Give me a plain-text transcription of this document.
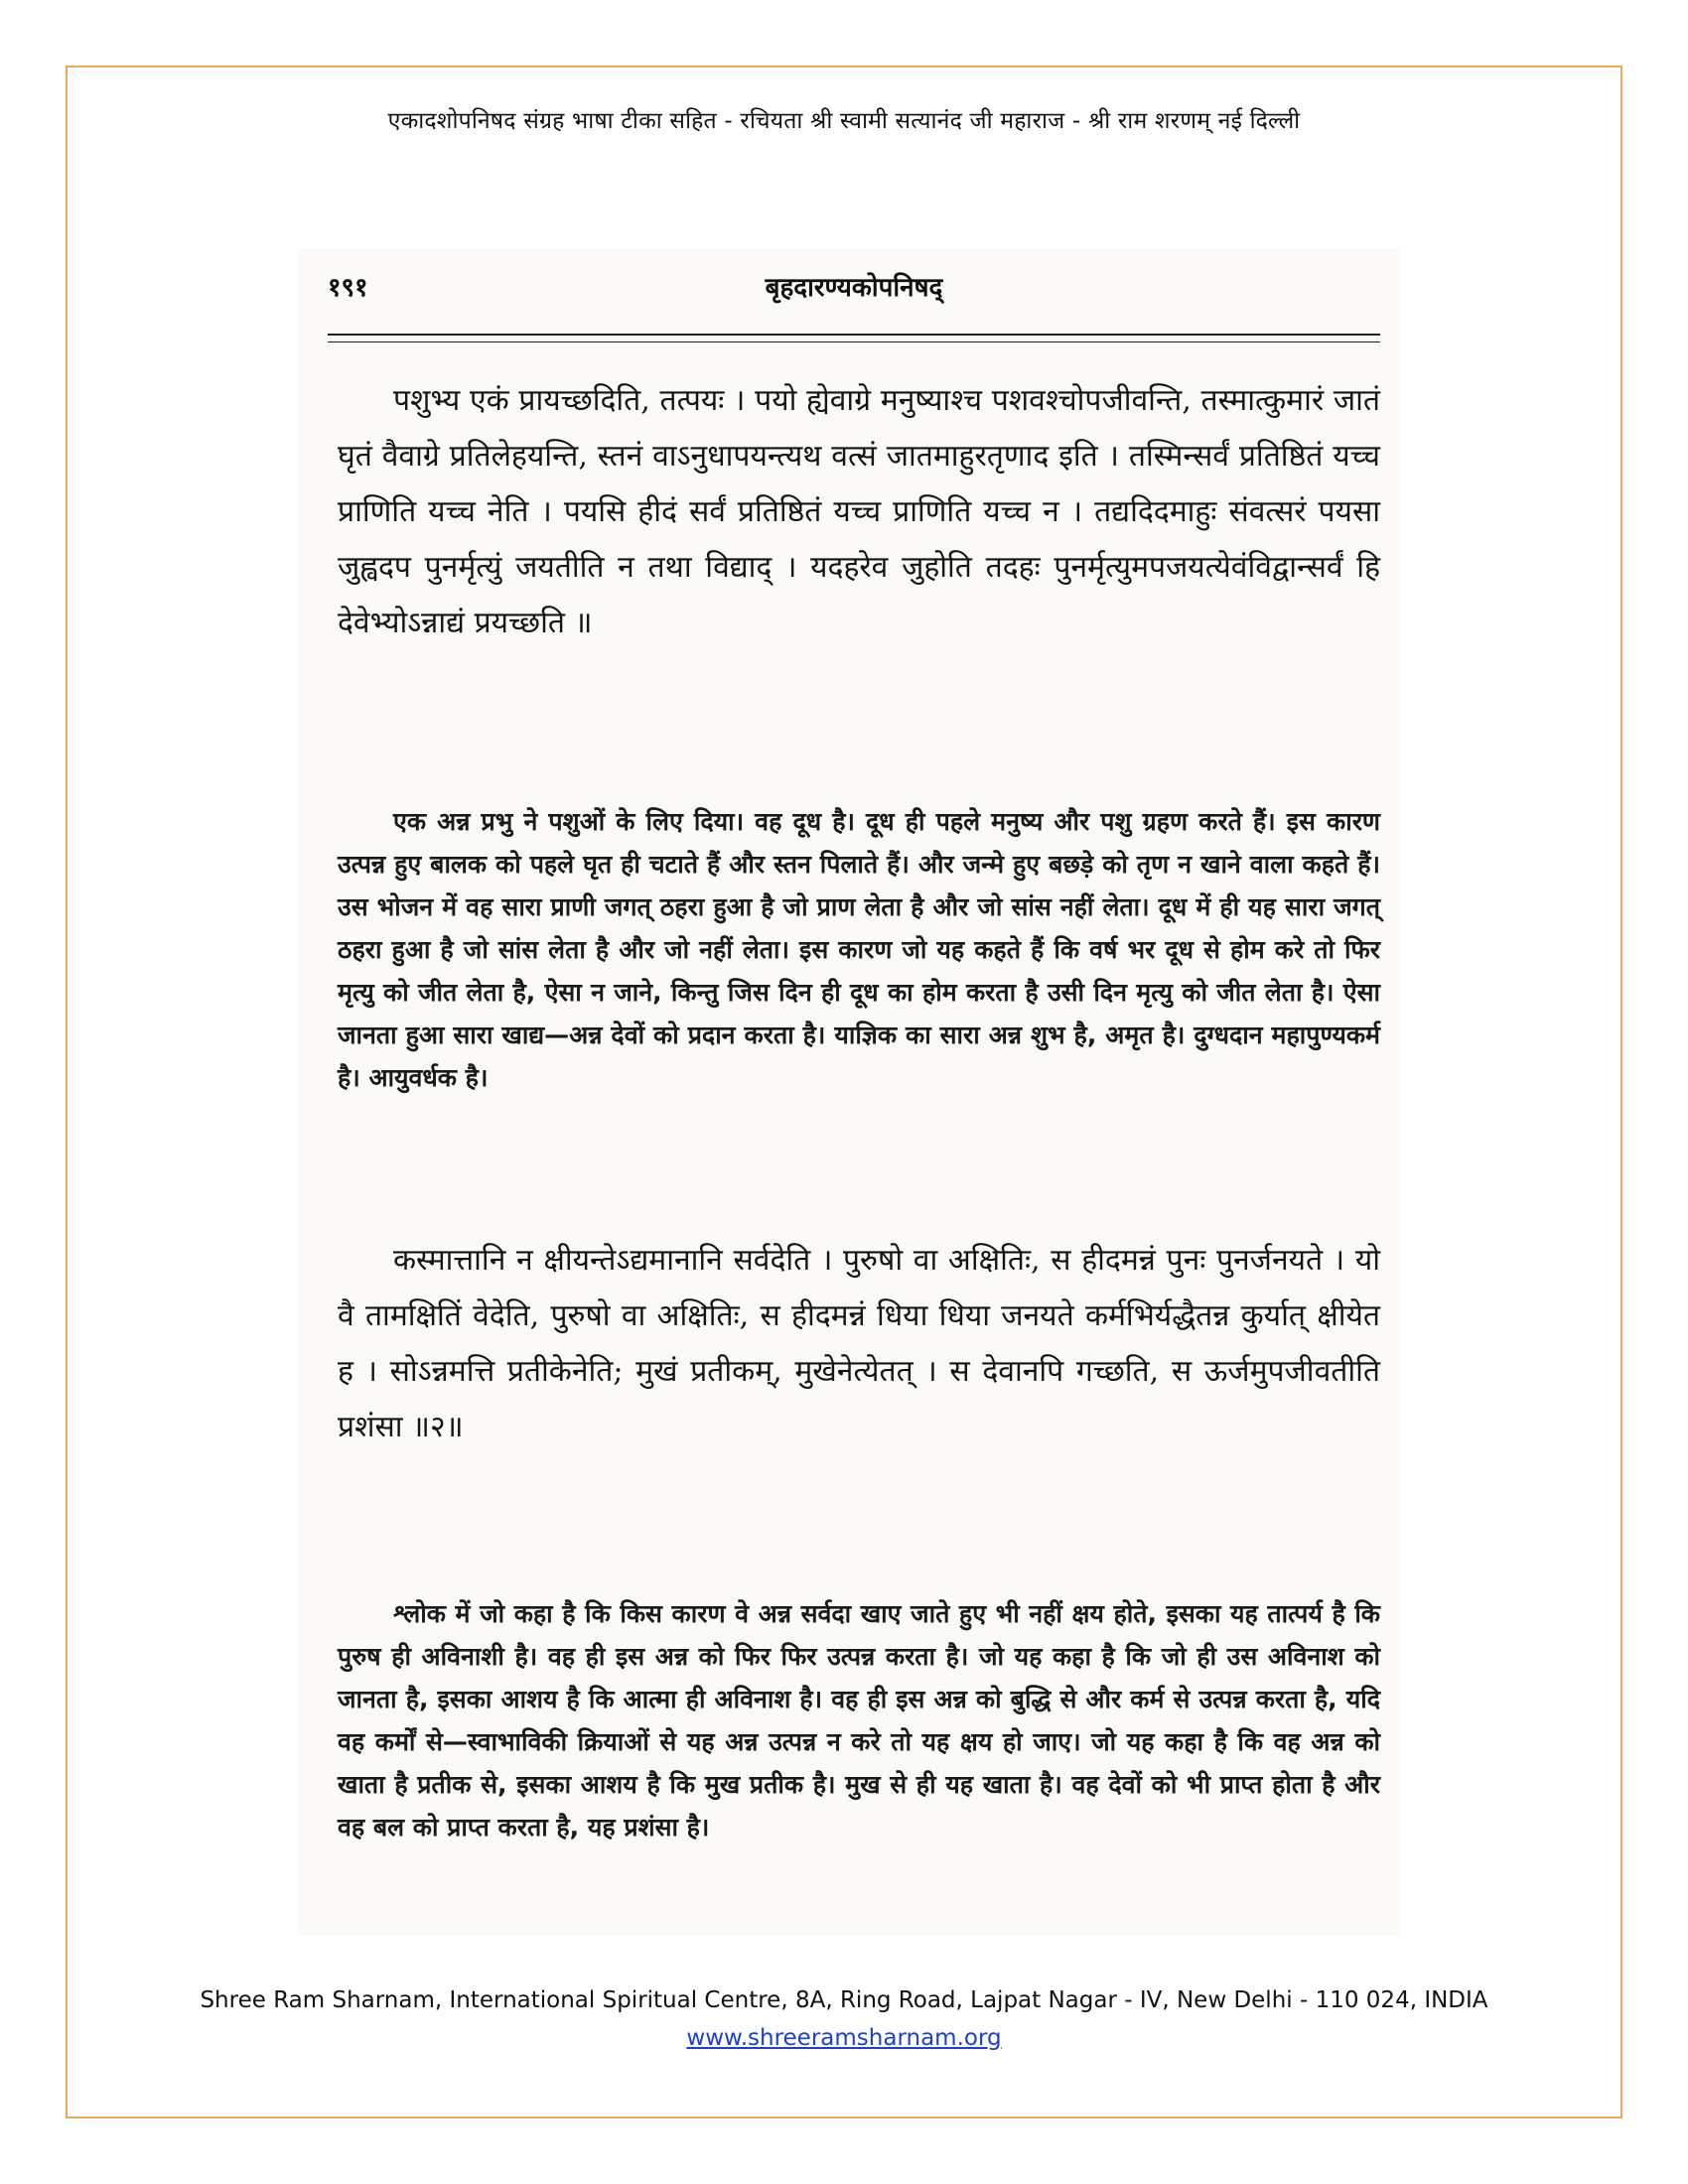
एकादशोपनिषद संग्रह भाषा टीका सहित - रचियता श्री स्वामी सत्यानंद जी महाराज - श्री राम शरणम् नई दिल्ली
१९१	बृहदारण्यकोपनिषद्
पशुभ्य एकं प्रायच्छदिति, तत्पयः । पयो ह्येवाग्रे मनुष्याश्च पशवश्चोपजीवन्ति, तस्मात्कुमारं जातं घृतं वैवाग्रे प्रतिलेहयन्ति, स्तनं वाऽनुधापयन्त्यथ वत्सं जातमाहुरतृणाद इति । तस्मिन्सर्वं प्रतिष्ठितं यच्च प्राणिति यच्च नेति । पयसि हीदं सर्वं प्रतिष्ठितं यच्च प्राणिति यच्च न । तद्यदिदमाहुः संवत्सरं पयसा जुह्वदप पुनर्मृत्युं जयतीति न तथा विद्याद् । यदहरेव जुहोति तदहः पुनर्मृत्युमपजयत्येवंविद्वान्सर्वं हि देवेभ्योऽन्नाद्यं प्रयच्छति ॥
एक अन्न प्रभु ने पशुओं के लिए दिया। वह दूध है। दूध ही पहले मनुष्य और पशु ग्रहण करते हैं। इस कारण उत्पन्न हुए बालक को पहले घृत ही चटाते हैं और स्तन पिलाते हैं। और जन्मे हुए बछड़े को तृण न खाने वाला कहते हैं। उस भोजन में वह सारा प्राणी जगत् ठहरा हुआ है जो प्राण लेता है और जो सांस नहीं लेता। दूध में ही यह सारा जगत् ठहरा हुआ है जो सांस लेता है और जो नहीं लेता। इस कारण जो यह कहते हैं कि वर्ष भर दूध से होम करे तो फिर मृत्यु को जीत लेता है, ऐसा न जाने, किन्तु जिस दिन ही दूध का होम करता है उसी दिन मृत्यु को जीत लेता है। ऐसा जानता हुआ सारा खाद्य—अन्न देवों को प्रदान करता है। याज्ञिक का सारा अन्न शुभ है, अमृत है। दुग्धदान महापुण्यकर्म है। आयुवर्धक है।
कस्मात्तानि न क्षीयन्तेऽद्यमानानि सर्वदेति । पुरुषो वा अक्षितिः, स हीदमन्नं पुनः पुनर्जनयते । यो वै तामक्षितिं वेदेति, पुरुषो वा अक्षितिः, स हीदमन्नं धिया धिया जनयते कर्मभिर्यद्धैतन्न कुर्यात् क्षीयेत ह । सोऽन्नमत्ति प्रतीकेनेति; मुखं प्रतीकम्, मुखेनेत्येतत् । स देवानपि गच्छति, स ऊर्जमुपजीवतीति प्रशंसा ॥२॥
श्लोक में जो कहा है कि किस कारण वे अन्न सर्वदा खाए जाते हुए भी नहीं क्षय होते, इसका यह तात्पर्य है कि पुरुष ही अविनाशी है। वह ही इस अन्न को फिर फिर उत्पन्न करता है। जो यह कहा है कि जो ही उस अविनाश को जानता है, इसका आशय है कि आत्मा ही अविनाश है। वह ही इस अन्न को बुद्धि से और कर्म से उत्पन्न करता है, यदि वह कर्मों से—स्वाभाविकी क्रियाओं से यह अन्न उत्पन्न न करे तो यह क्षय हो जाए। जो यह कहा है कि वह अन्न को खाता है प्रतीक से, इसका आशय है कि मुख प्रतीक है। मुख से ही यह खाता है। वह देवों को भी प्राप्त होता है और वह बल को प्राप्त करता है, यह प्रशंसा है।
Shree Ram Sharnam, International Spiritual Centre, 8A, Ring Road, Lajpat Nagar - IV, New Delhi - 110 024, INDIA
www.shreeramsharnam.org
